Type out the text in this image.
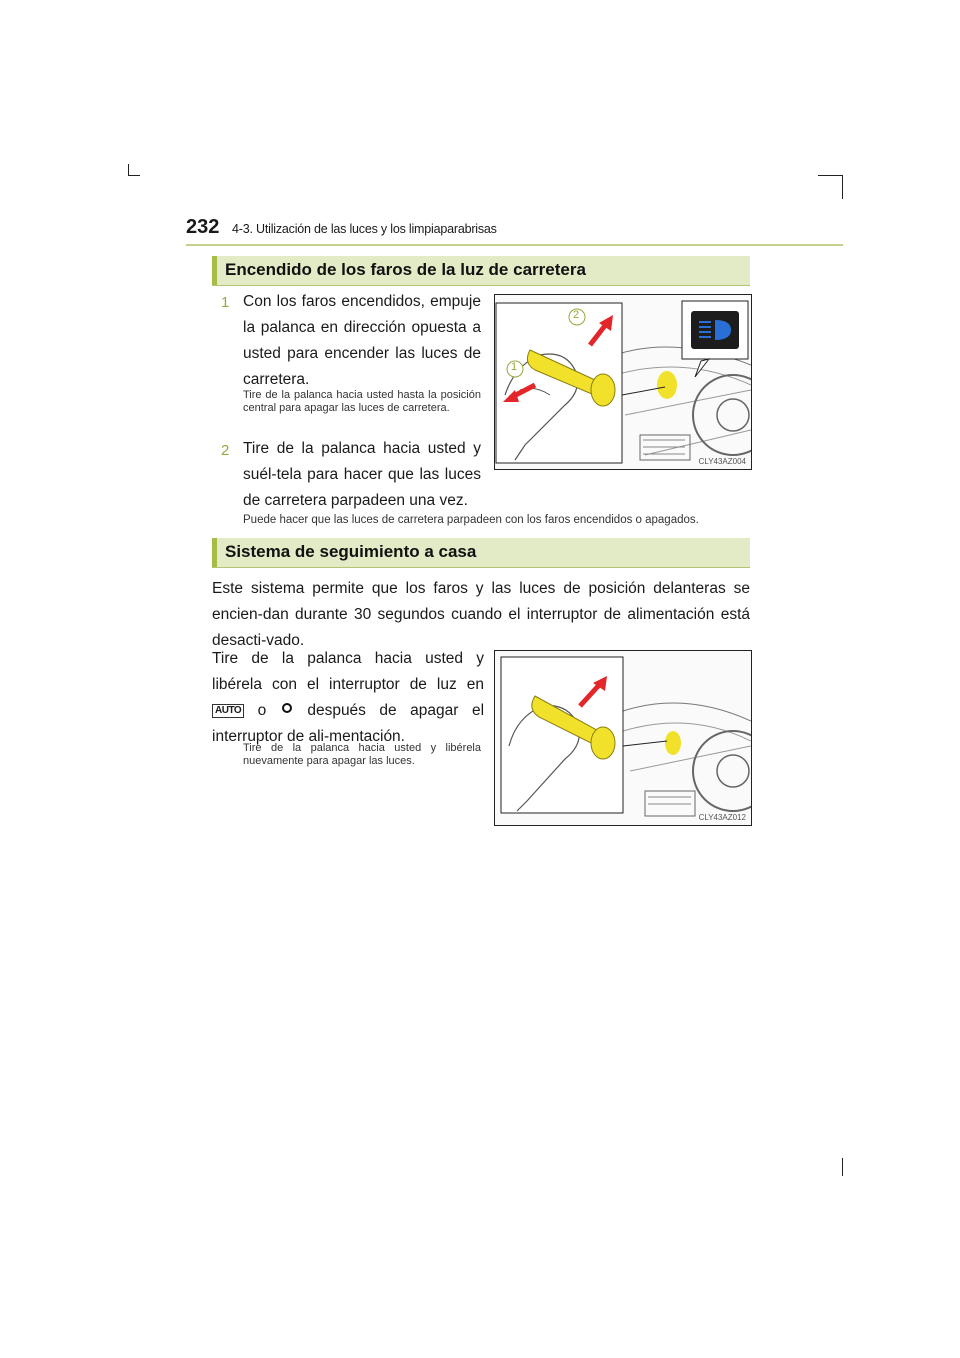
232 4-3. Utilización de las luces y los limpiaparabrisas
Encendido de los faros de la luz de carretera
1 Con los faros encendidos, empuje la palanca en dirección opuesta a usted para encender las luces de carretera.
Tire de la palanca hacia usted hasta la posición central para apagar las luces de carretera.
2 Tire de la palanca hacia usted y suél-tela para hacer que las luces de carretera parpadeen una vez.
Puede hacer que las luces de carretera parpadeen con los faros encendidos o apagados.
1
2
CLY43AZ004
Sistema de seguimiento a casa
Este sistema permite que los faros y las luces de posición delanteras se encien-dan durante 30 segundos cuando el interruptor de alimentación está desacti-vado.
Tire de la palanca hacia usted y libérela con el interruptor de luz en AUTO o	después de apagar el interruptor de ali-mentación.
Tire de la palanca hacia usted y libérela nuevamente para apagar las luces.
CLY43AZ012
